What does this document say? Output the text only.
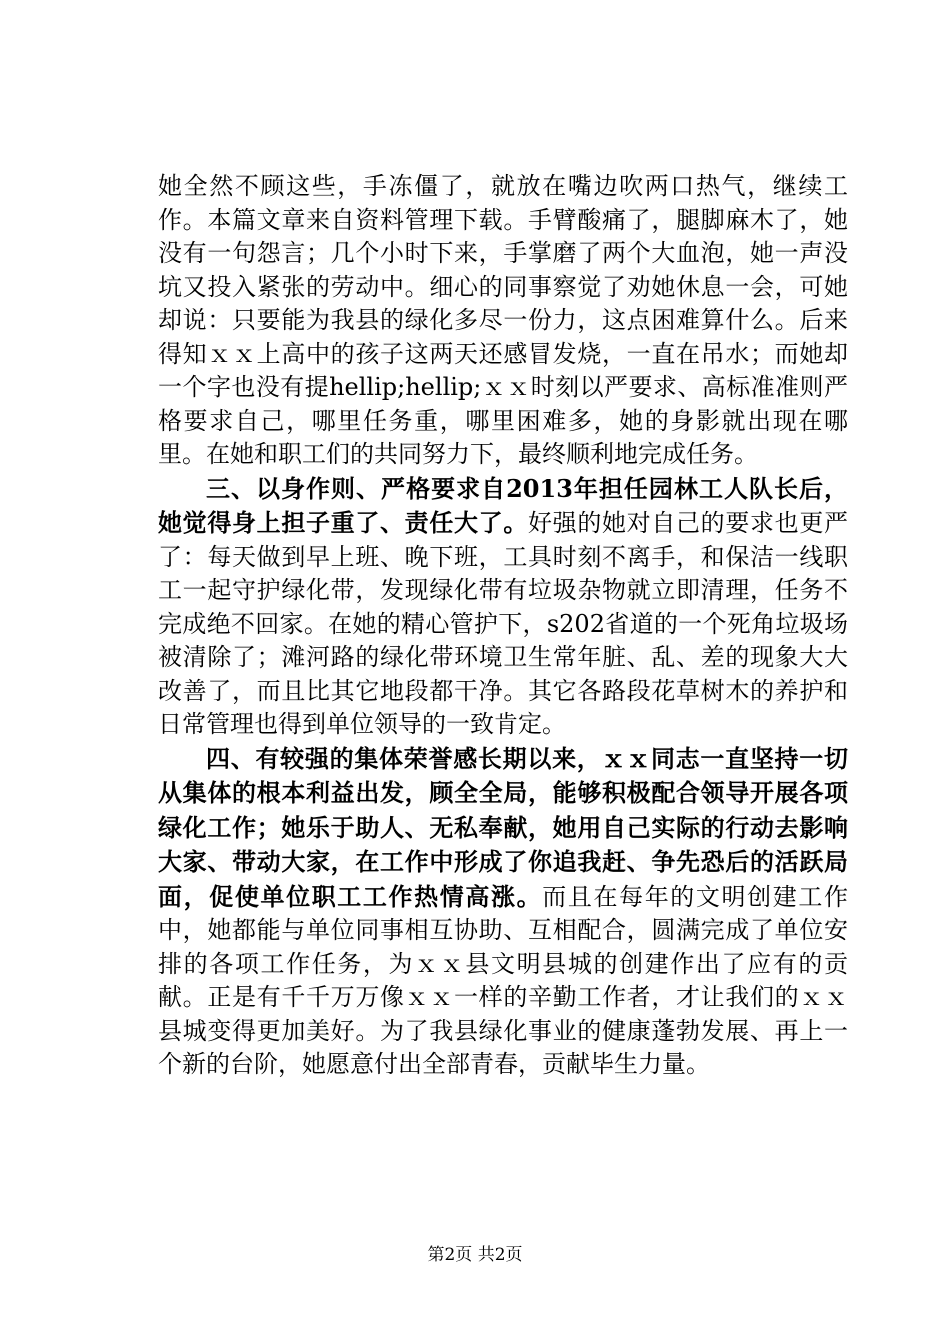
她全然不顾这些，手冻僵了，就放在嘴边吹两口热气，继续工作。本篇文章来自资料管理下载。手臂酸痛了，腿脚麻木了，她没有一句怨言；几个小时下来，手掌磨了两个大血泡，她一声没坑又投入紧张的劳动中。细心的同事察觉了劝她休息一会，可她却说：只要能为我县的绿化多尽一份力，这点困难算什么。后来得知ｘｘ上高中的孩子这两天还感冒发烧，一直在吊水；而她却一个字也没有提hellip;hellip;ｘｘ时刻以严要求、高标准准则严格要求自己，哪里任务重，哪里困难多，她的身影就出现在哪里。在她和职工们的共同努力下，最终顺利地完成任务。

三、以身作则、严格要求自2013年担任园林工人队长后，她觉得身上担子重了、责任大了。好强的她对自己的要求也更严了：每天做到早上班、晚下班，工具时刻不离手，和保洁一线职工一起守护绿化带，发现绿化带有垃圾杂物就立即清理，任务不完成绝不回家。在她的精心管护下，s202省道的一个死角垃圾场被清除了；滩河路的绿化带环境卫生常年脏、乱、差的现象大大改善了，而且比其它地段都干净。其它各路段花草树木的养护和日常管理也得到单位领导的一致肯定。

四、有较强的集体荣誉感长期以来，ｘｘ同志一直坚持一切从集体的根本利益出发，顾全全局，能够积极配合领导开展各项绿化工作；她乐于助人、无私奉献，她用自己实际的行动去影响大家、带动大家，在工作中形成了你追我赶、争先恐后的活跃局面，促使单位职工工作热情高涨。而且在每年的文明创建工作中，她都能与单位同事相互协助、互相配合，圆满完成了单位安排的各项工作任务，为ｘｘ县文明县城的创建作出了应有的贡献。正是有千千万万像ｘｘ一样的辛勤工作者，才让我们的ｘｘ县城变得更加美好。为了我县绿化事业的健康蓬勃发展、再上一个新的台阶，她愿意付出全部青春，贡献毕生力量。

第2页 共2页
